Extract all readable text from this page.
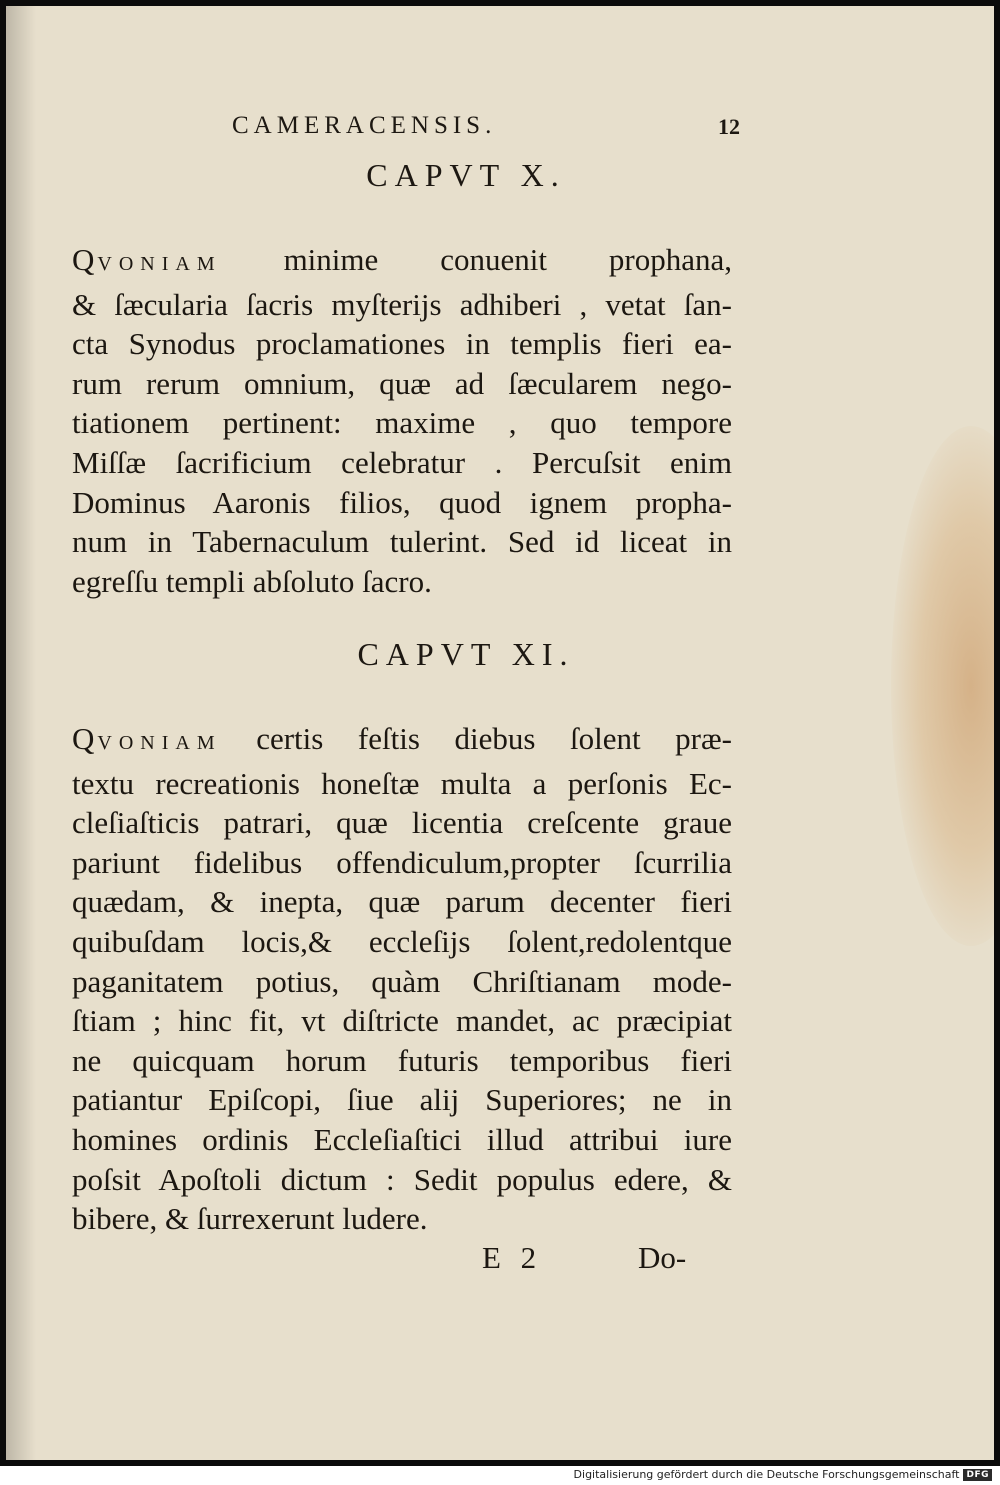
CAMERACENSIS.	12
CAPVT X.
QVONIAM minime conuenit prophana,
& ſæcularia ſacris myſterijs adhiberi , vetat ſan-
cta Synodus proclamationes in templis fieri ea-
rum rerum omnium, quæ ad ſæcularem nego-
tiationem pertinent: maxime , quo tempore
Miſſæ ſacrificium celebratur . Percuſsit enim
Dominus Aaronis filios, quod ignem propha-
num in Tabernaculum tulerint. Sed id liceat in
egreſſu templi abſoluto ſacro.
CAPVT XI.
QVONIAM certis feſtis diebus ſolent præ-
textu recreationis honeſtæ multa a perſonis Ec-
cleſiaſticis patrari, quæ licentia creſcente graue
pariunt fidelibus offendiculum,propter ſcurrilia
quædam, & inepta, quæ parum decenter fieri
quibuſdam locis,& eccleſijs ſolent,redolentque
paganitatem potius, quàm Chriſtianam mode-
ſtiam ; hinc fit, vt diſtricte mandet, ac præcipiat
ne quicquam horum futuris temporibus fieri
patiantur Epiſcopi, ſiue alij Superiores; ne in
homines ordinis Eccleſiaſtici illud attribui iure
poſsit Apoſtoli dictum : Sedit populus edere, &
bibere, & ſurrexerunt ludere.
E 2	Do-
Digitalisierung gefördert durch die Deutsche Forschungsgemeinschaft DFG
